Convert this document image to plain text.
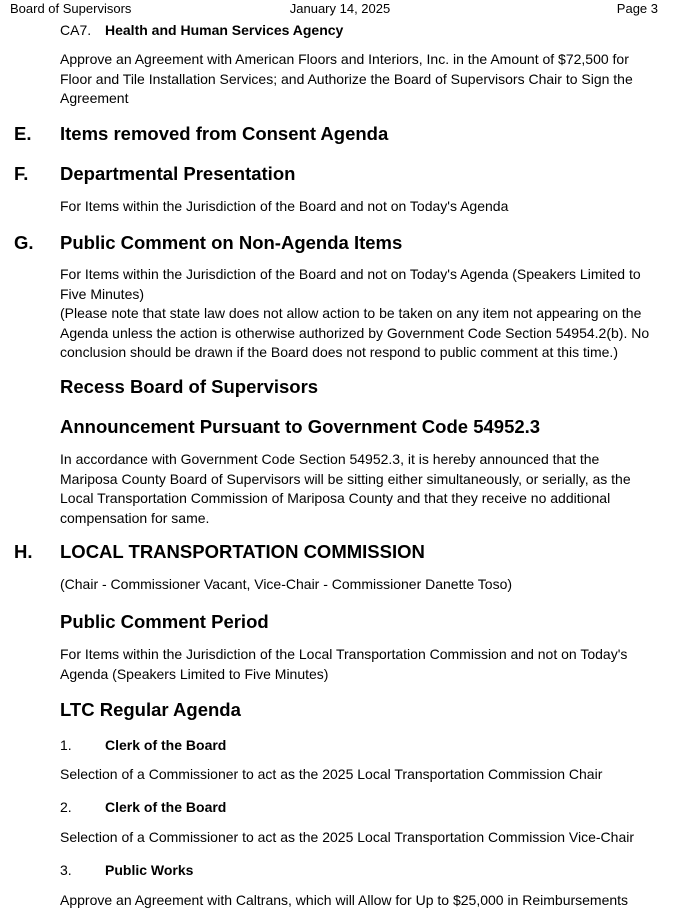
Board of Supervisors	January 14, 2025	Page 3
CA7. Health and Human Services Agency
Approve an Agreement with American Floors and Interiors, Inc. in the Amount of $72,500 for
Floor and Tile Installation Services; and Authorize the Board of Supervisors Chair to Sign the
Agreement
E. Items removed from Consent Agenda
F. Departmental Presentation
For Items within the Jurisdiction of the Board and not on Today's Agenda
G. Public Comment on Non-Agenda Items
For Items within the Jurisdiction of the Board and not on Today's Agenda (Speakers Limited to
Five Minutes)
(Please note that state law does not allow action to be taken on any item not appearing on the
Agenda unless the action is otherwise authorized by Government Code Section 54954.2(b). No
conclusion should be drawn if the Board does not respond to public comment at this time.)
Recess Board of Supervisors
Announcement Pursuant to Government Code 54952.3
In accordance with Government Code Section 54952.3, it is hereby announced that the
Mariposa County Board of Supervisors will be sitting either simultaneously, or serially, as the
Local Transportation Commission of Mariposa County and that they receive no additional
compensation for same.
H. LOCAL TRANSPORTATION COMMISSION
(Chair - Commissioner Vacant, Vice-Chair - Commissioner Danette Toso)
Public Comment Period
For Items within the Jurisdiction of the Local Transportation Commission and not on Today's
Agenda (Speakers Limited to Five Minutes)
LTC Regular Agenda
1. Clerk of the Board
Selection of a Commissioner to act as the 2025 Local Transportation Commission Chair
2. Clerk of the Board
Selection of a Commissioner to act as the 2025 Local Transportation Commission Vice-Chair
3. Public Works
Approve an Agreement with Caltrans, which will Allow for Up to $25,000 in Reimbursements
